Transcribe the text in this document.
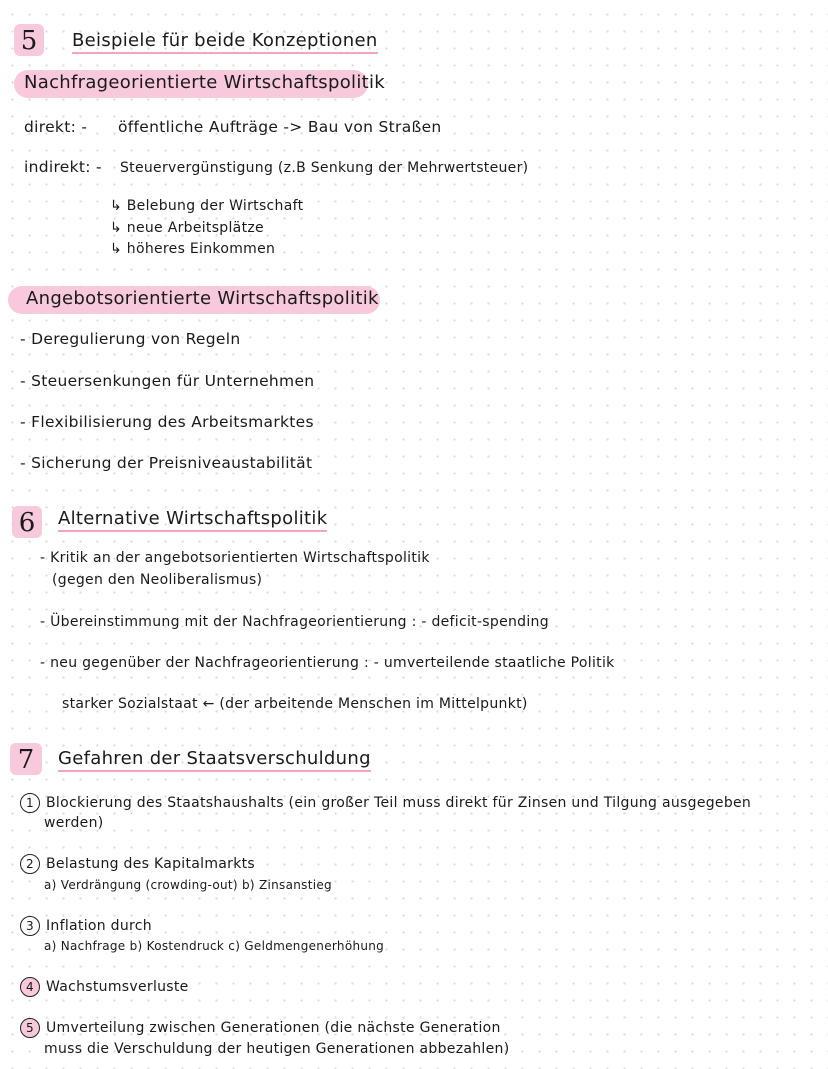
5	Beispiele für beide Konzeptionen
Nachfrageorientierte Wirtschaftspolitik
direkt: - öffentliche Aufträge -> Bau von Straßen
indirekt: - Steuervergünstigung (z.B Senkung der Mehrwertsteuer)
↳ Belebung der Wirtschaft
↳ neue Arbeitsplätze
↳ höheres Einkommen
Angebotsorientierte Wirtschaftspolitik
- Deregulierung von Regeln
- Steuersenkungen für Unternehmen
- Flexibilisierung des Arbeitsmarktes
- Sicherung der Preisniveaustabilität
6	Alternative Wirtschaftspolitik
- Kritik an der angebotsorientierten Wirtschaftspolitik
(gegen den Neoliberalismus)
- Übereinstimmung mit der Nachfrageorientierung : - deficit-spending
- neu gegenüber der Nachfrageorientierung : - umverteilende staatliche Politik
starker Sozialstaat ← (der arbeitende Menschen im Mittelpunkt)
7	Gefahren der Staatsverschuldung
1 Blockierung des Staatshaushalts (ein großer Teil muss direkt für Zinsen und Tilgung ausgegeben
werden)
2 Belastung des Kapitalmarkts
a) Verdrängung (crowding-out) b) Zinsanstieg
3 Inflation durch
a) Nachfrage b) Kostendruck c) Geldmengenerhöhung
4 Wachstumsverluste
5 Umverteilung zwischen Generationen (die nächste Generation
muss die Verschuldung der heutigen Generationen abbezahlen)
